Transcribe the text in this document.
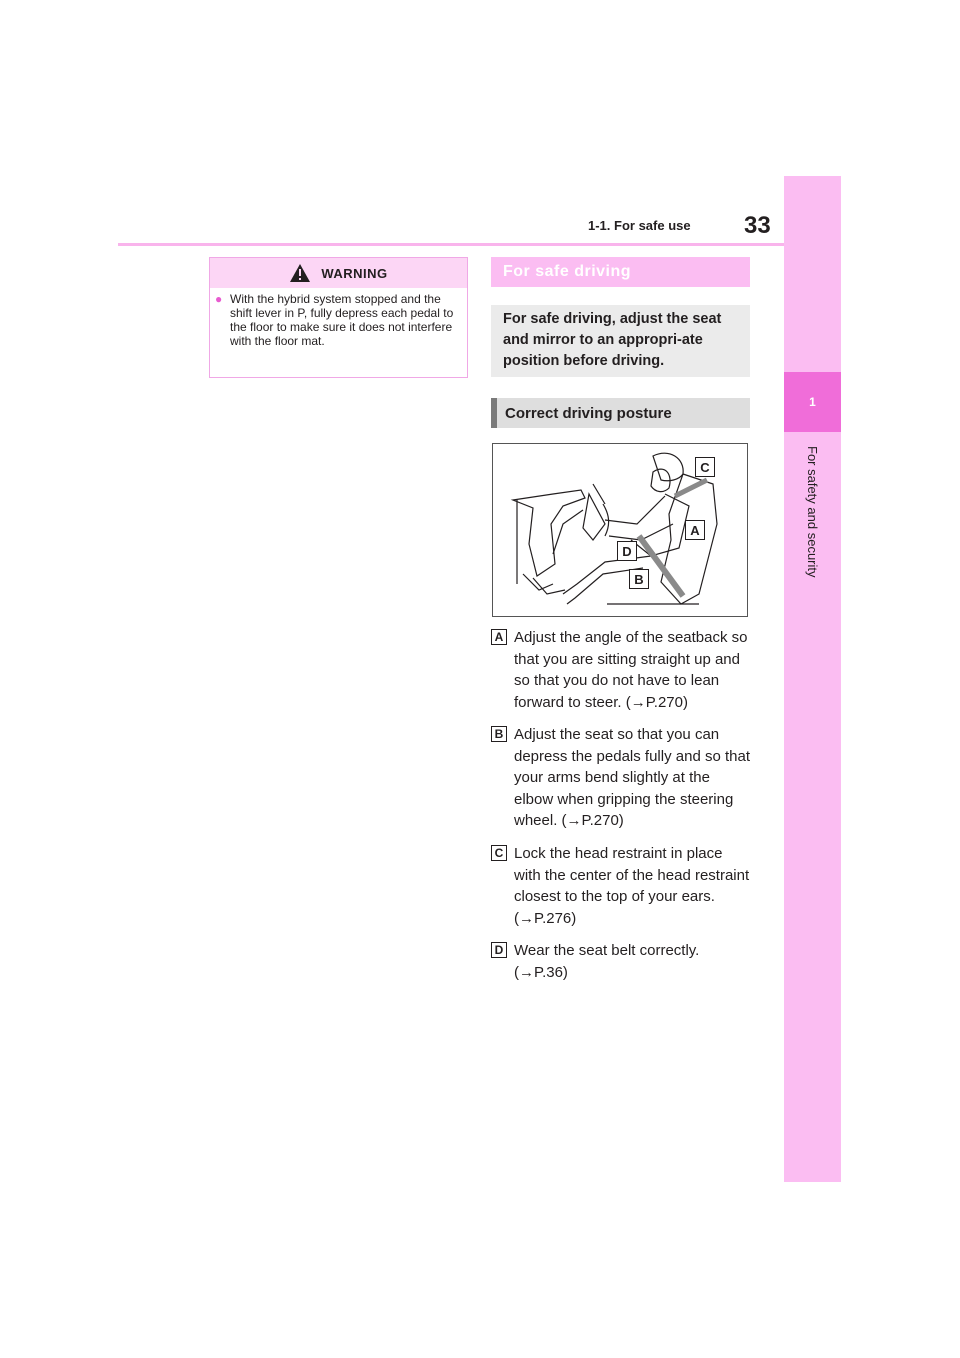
1-1. For safe use 33
1
For safety and security
WARNING
● With the hybrid system stopped and the shift lever in P, fully depress each pedal to the floor to make sure it does not interfere with the floor mat.
For safe driving
For safe driving, adjust the seat and mirror to an appropri-ate position before driving.
Correct driving posture
C
A
D
B
A Adjust the angle of the seatback so that you are sitting straight up and so that you do not have to lean forward to steer. (→P.270)
B Adjust the seat so that you can depress the pedals fully and so that your arms bend slightly at the elbow when gripping the steering wheel. (→P.270)
C Lock the head restraint in place with the center of the head restraint closest to the top of your ears. (→P.276)
D Wear the seat belt correctly. (→P.36)
